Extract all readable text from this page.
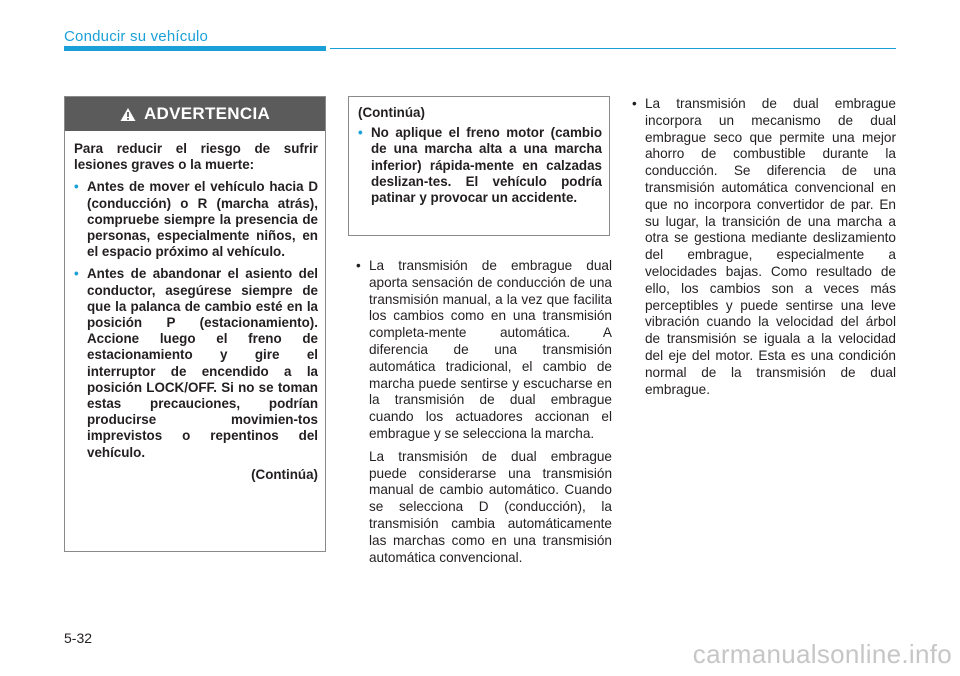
Conducir su vehículo
ADVERTENCIA

Para reducir el riesgo de sufrir lesiones graves o la muerte:

• Antes de mover el vehículo hacia D (conducción) o R (marcha atrás), compruebe siempre la presencia de personas, especialmente niños, en el espacio próximo al vehículo.
• Antes de abandonar el asiento del conductor, asegúrese siempre de que la palanca de cambio esté en la posición P (estacionamiento). Accione luego el freno de estacionamiento y gire el interruptor de encendido a la posición LOCK/OFF. Si no se toman estas precauciones, podrían producirse movimien-tos imprevistos o repentinos del vehículo.

(Continúa)

(Continúa)

• No aplique el freno motor (cambio de una marcha alta a una marcha inferior) rápida-mente en calzadas deslizan-tes. El vehículo podría patinar y provocar un accidente.

• La transmisión de embrague dual aporta sensación de conducción de una transmisión manual, a la vez que facilita los cambios como en una transmisión completa-mente automática. A diferencia de una transmisión automática tradicional, el cambio de marcha puede sentirse y escucharse en la transmisión de dual embrague cuando los actuadores accionan el embrague y se selecciona la marcha.

La transmisión de dual embrague puede considerarse una transmisión manual de cambio automático. Cuando se selecciona D (conducción), la transmisión cambia automáticamente las marchas como en una transmisión automática convencional.

• La transmisión de dual embrague incorpora un mecanismo de dual embrague seco que permite una mejor ahorro de combustible durante la conducción. Se diferencia de una transmisión automática convencional en que no incorpora convertidor de par. En su lugar, la transición de una marcha a otra se gestiona mediante deslizamiento del embrague, especialmente a velocidades bajas. Como resultado de ello, los cambios son a veces más perceptibles y puede sentirse una leve vibración cuando la velocidad del árbol de transmisión se iguala a la velocidad del eje del motor. Esta es una condición normal de la transmisión de dual embrague.

5-32
carmanualsonline.info
